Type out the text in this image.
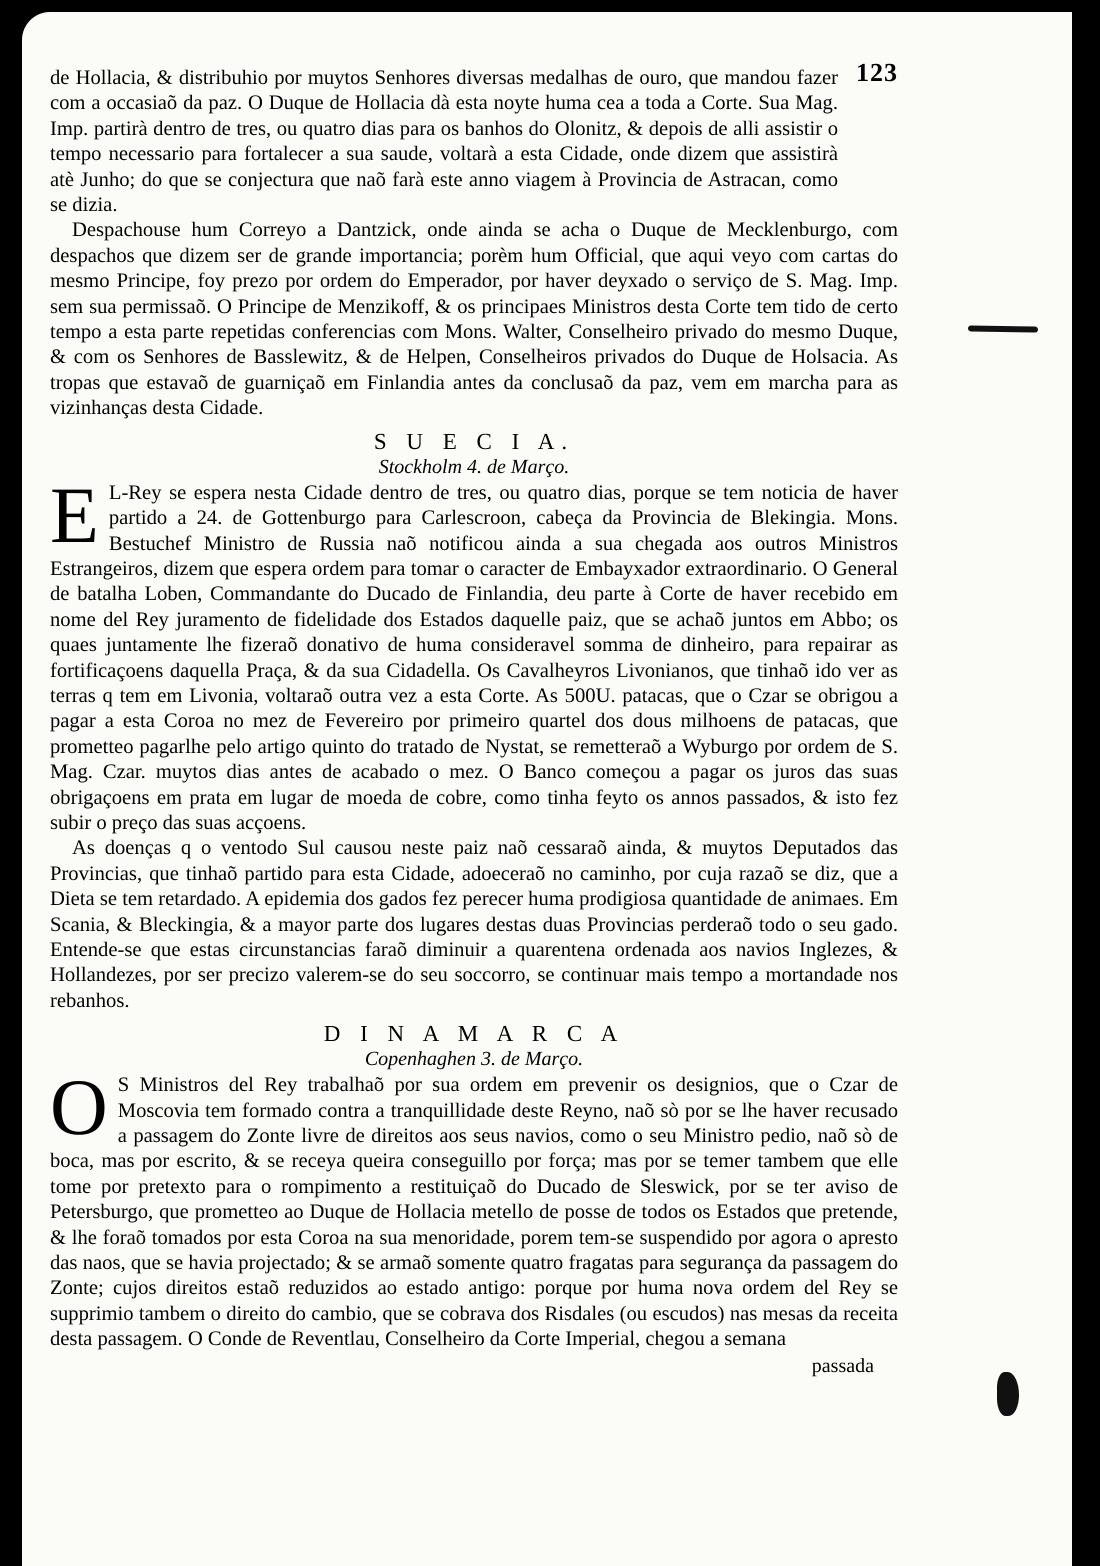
123

de Hollacia, & distribuhio por muytos Senhores diversas medalhas de ouro, que mandou fazer com a occasiaõ da paz. O Duque de Hollacia dà esta noyte huma cea a toda a Corte. Sua Mag. Imp. partirà dentro de tres, ou quatro dias para os banhos do Olonitz, & depois de alli assistir o tempo necessario para fortalecer a sua saude, voltarà a esta Cidade, onde dizem que assistirà atè Junho; do que se conjectura que naõ farà este anno viagem à Provincia de Astracan, como se dizia.

Despachouse hum Correyo a Dantzick, onde ainda se acha o Duque de Mecklenburgo, com despachos que dizem ser de grande importancia; porèm hum Official, que aqui veyo com cartas do mesmo Principe, foy prezo por ordem do Emperador, por haver deyxado o serviço de S. Mag. Imp. sem sua permissaõ. O Principe de Menzikoff, & os principaes Ministros desta Corte tem tido de certo tempo a esta parte repetidas conferencias com Mons. Walter, Conselheiro privado do mesmo Duque, & com os Senhores de Basslewitz, & de Helpen, Conselheiros privados do Duque de Holsacia. As tropas que estavaõ de guarniçaõ em Finlandia antes da conclusaõ da paz, vem em marcha para as vizinhanças desta Cidade.

S U E C I A.
Stockholm 4. de Março.

E L-Rey se espera nesta Cidade dentro de tres, ou quatro dias, porque se tem noticia de haver partido a 24. de Gottenburgo para Carlescroon, cabeça da Provincia de Blekingia. Mons. Bestuchef Ministro de Russia naõ notificou ainda a sua chegada aos outros Ministros Estrangeiros, dizem que espera ordem para tomar o caracter de Embayxador extraordinario. O General de batalha Loben, Commandante do Ducado de Finlandia, deu parte à Corte de haver recebido em nome del Rey juramento de fidelidade dos Estados daquelle paiz, que se achaõ juntos em Abbo; os quaes juntamente lhe fizeraõ donativo de huma consideravel somma de dinheiro, para repairar as fortificaçoens daquella Praça, & da sua Cidadella. Os Cavalheyros Livonianos, que tinhaõ ido ver as terras q tem em Livonia, voltaraõ outra vez a esta Corte. As 500U. patacas, que o Czar se obrigou a pagar a esta Coroa no mez de Fevereiro por primeiro quartel dos dous milhoens de patacas, que prometteo pagarlhe pelo artigo quinto do tratado de Nystat, se remetteraõ a Wyburgo por ordem de S. Mag. Czar. muytos dias antes de acabado o mez. O Banco começou a pagar os juros das suas obrigaçoens em prata em lugar de moeda de cobre, como tinha feyto os annos passados, & isto fez subir o preço das suas acçoens.

As doenças q o ventodo Sul causou neste paiz naõ cessaraõ ainda, & muytos Deputados das Provincias, que tinhaõ partido para esta Cidade, adoeceraõ no caminho, por cuja razaõ se diz, que a Dieta se tem retardado. A epidemia dos gados fez perecer huma prodigiosa quantidade de animaes. Em Scania, & Bleckingia, & a mayor parte dos lugares destas duas Provincias perderaõ todo o seu gado. Entende-se que estas circunstancias faraõ diminuir a quarentena ordenada aos navios Inglezes, & Hollandezes, por ser precizo valerem-se do seu soccorro, se continuar mais tempo a mortandade nos rebanhos.

D I N A M A R C A
Copenhaghen 3. de Março.

O S Ministros del Rey trabalhaõ por sua ordem em prevenir os designios, que o Czar de Moscovia tem formado contra a tranquillidade deste Reyno, naõ sò por se lhe haver recusado a passagem do Zonte livre de direitos aos seus navios, como o seu Ministro pedio, naõ sò de boca, mas por escrito, & se receya queira conseguillo por força; mas por se temer tambem que elle tome por pretexto para o rompimento a restituiçaõ do Ducado de Sleswick, por se ter aviso de Petersburgo, que prometteo ao Duque de Hollacia metello de posse de todos os Estados que pretende, & lhe foraõ tomados por esta Coroa na sua menoridade, porem tem-se suspendido por agora o apresto das naos, que se havia projectado; & se armaõ somente quatro fragatas para segurança da passagem do Zonte; cujos direitos estaõ reduzidos ao estado antigo: porque por huma nova ordem del Rey se supprimio tambem o direito do cambio, que se cobrava dos Risdales (ou escudos) nas mesas da receita desta passagem. O Conde de Reventlau, Conselheiro da Corte Imperial, chegou a semana

passada
